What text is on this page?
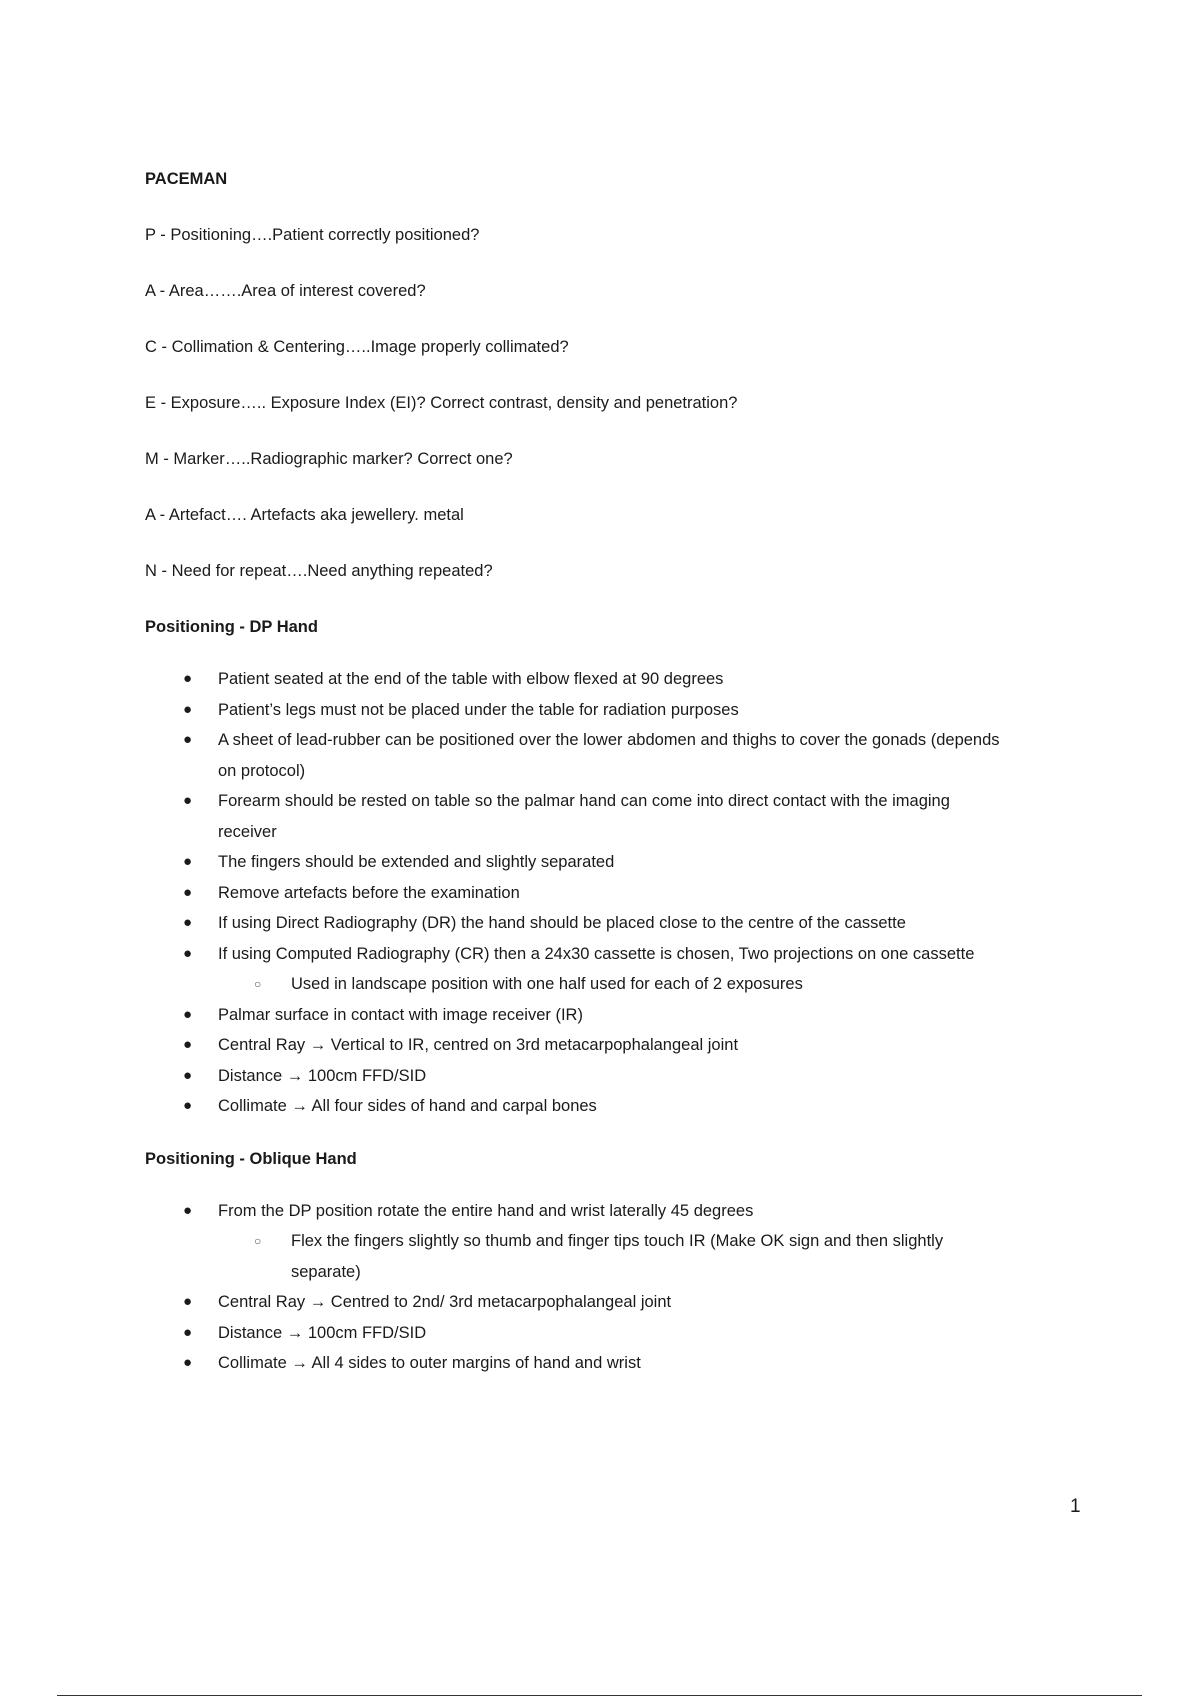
PACEMAN

P - Positioning….Patient correctly positioned?

A - Area…….Area of interest covered?

C - Collimation & Centering…..Image properly collimated?

E - Exposure….. Exposure Index (EI)? Correct contrast, density and penetration?

M - Marker…..Radiographic marker? Correct one?

A - Artefact…. Artefacts aka jewellery. metal

N - Need for repeat….Need anything repeated?

Positioning - DP Hand

● Patient seated at the end of the table with elbow flexed at 90 degrees
● Patient’s legs must not be placed under the table for radiation purposes
● A sheet of lead-rubber can be positioned over the lower abdomen and thighs to cover the gonads (depends
on protocol)
● Forearm should be rested on table so the palmar hand can come into direct contact with the imaging
receiver
● The fingers should be extended and slightly separated
● Remove artefacts before the examination
● If using Direct Radiography (DR) the hand should be placed close to the centre of the cassette
● If using Computed Radiography (CR) then a 24x30 cassette is chosen, Two projections on one cassette
○ Used in landscape position with one half used for each of 2 exposures
● Palmar surface in contact with image receiver (IR)
● Central Ray → Vertical to IR, centred on 3rd metacarpophalangeal joint
● Distance → 100cm FFD/SID
● Collimate → All four sides of hand and carpal bones

Positioning - Oblique Hand

● From the DP position rotate the entire hand and wrist laterally 45 degrees
○ Flex the fingers slightly so thumb and finger tips touch IR (Make OK sign and then slightly
separate)
● Central Ray → Centred to 2nd/ 3rd metacarpophalangeal joint
● Distance → 100cm FFD/SID
● Collimate → All 4 sides to outer margins of hand and wrist
1
